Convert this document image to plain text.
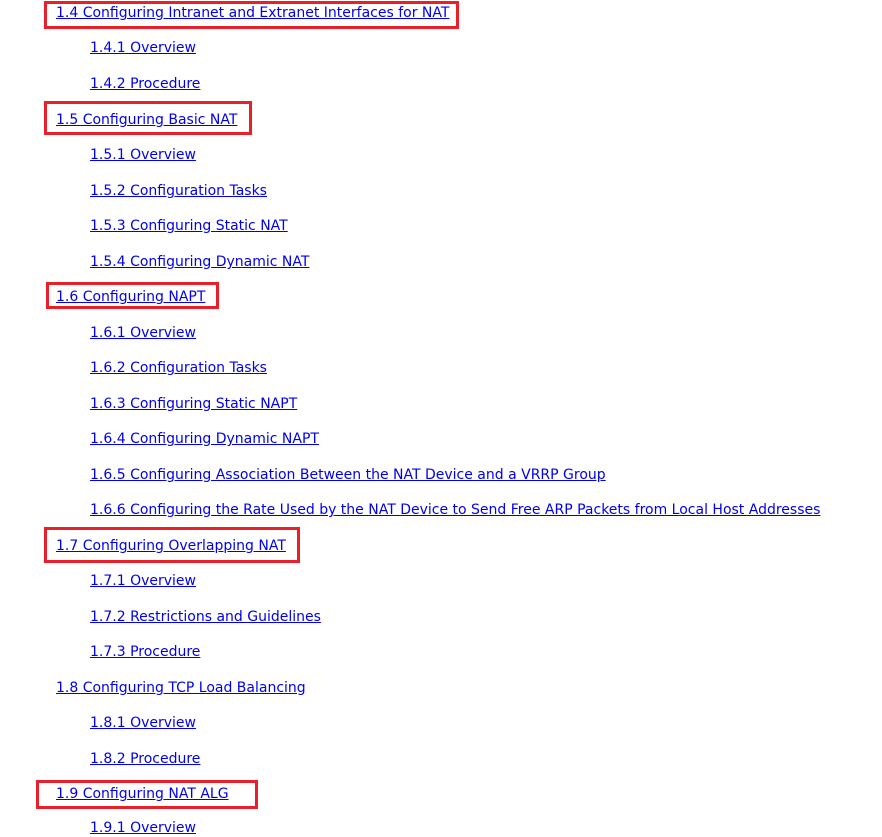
1.4 Configuring Intranet and Extranet Interfaces for NAT
1.4.1 Overview
1.4.2 Procedure
1.5 Configuring Basic NAT
1.5.1 Overview
1.5.2 Configuration Tasks
1.5.3 Configuring Static NAT
1.5.4 Configuring Dynamic NAT
1.6 Configuring NAPT
1.6.1 Overview
1.6.2 Configuration Tasks
1.6.3 Configuring Static NAPT
1.6.4 Configuring Dynamic NAPT
1.6.5 Configuring Association Between the NAT Device and a VRRP Group
1.6.6 Configuring the Rate Used by the NAT Device to Send Free ARP Packets from Local Host Addresses
1.7 Configuring Overlapping NAT
1.7.1 Overview
1.7.2 Restrictions and Guidelines
1.7.3 Procedure
1.8 Configuring TCP Load Balancing
1.8.1 Overview
1.8.2 Procedure
1.9 Configuring NAT ALG
1.9.1 Overview
